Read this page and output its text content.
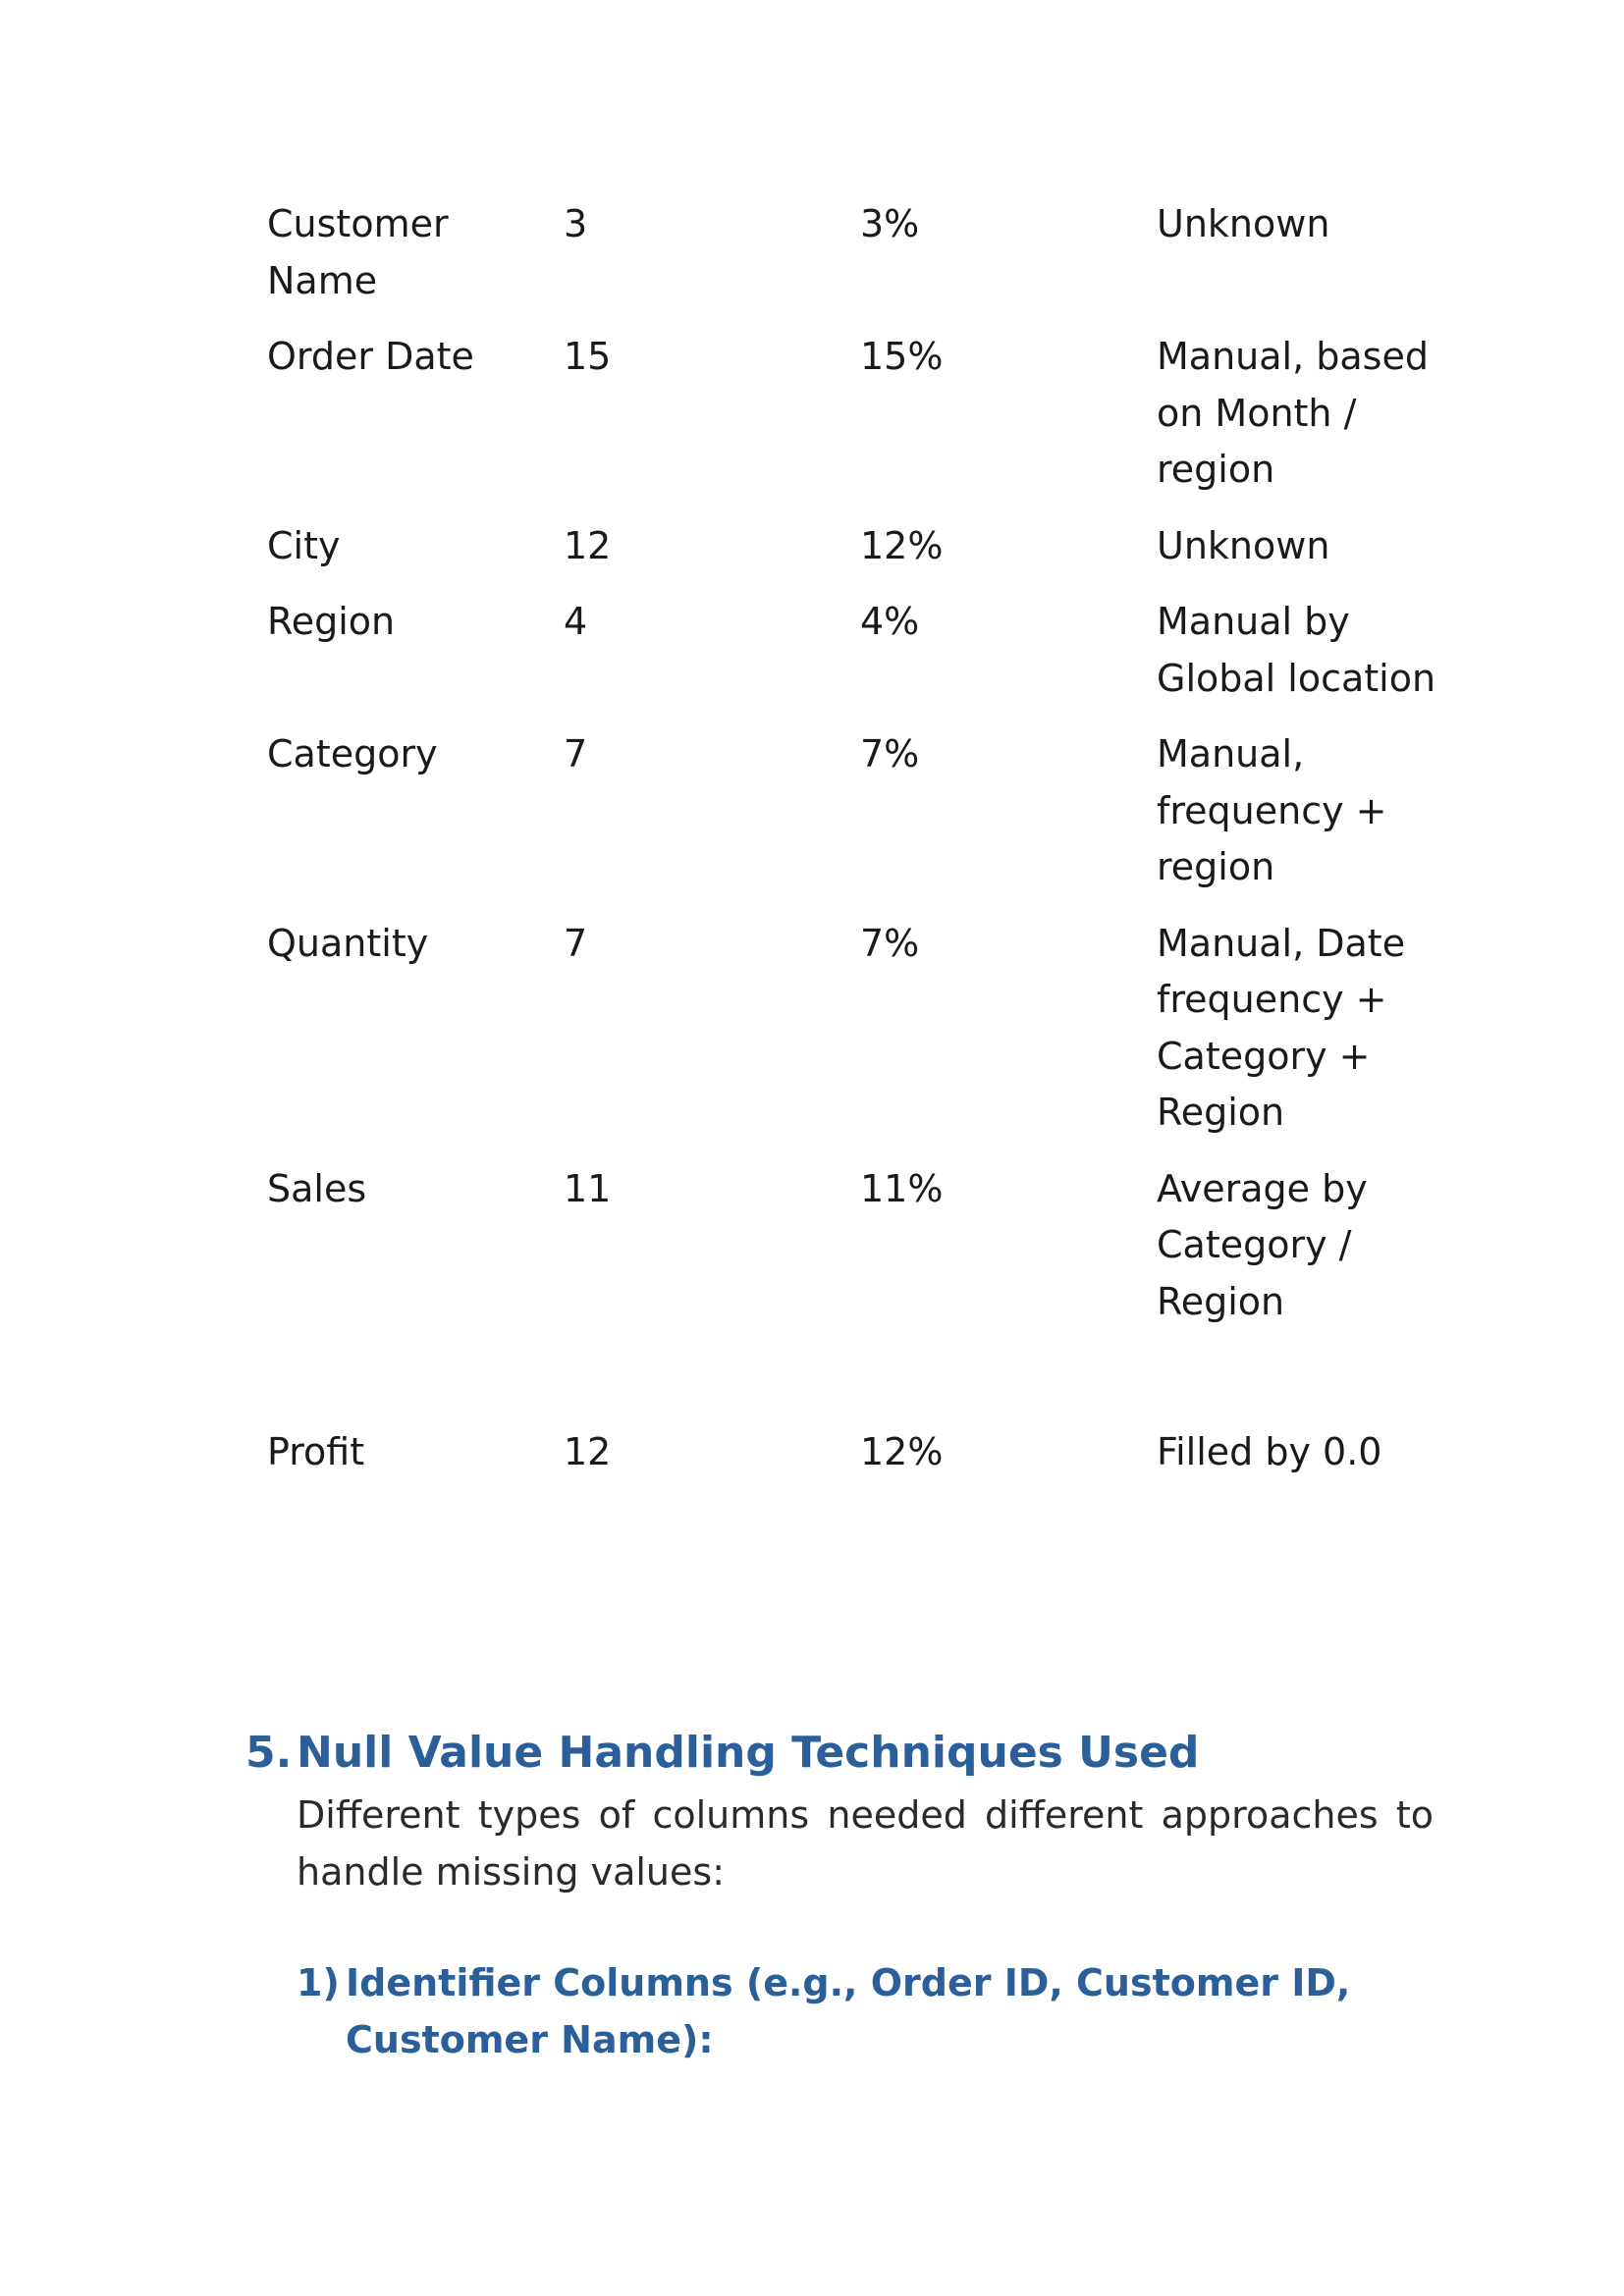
Customer Name	3	3%	Unknown
Order Date	15	15%	Manual, based on Month / region
City	12	12%	Unknown
Region	4	4%	Manual by Global location
Category	7	7%	Manual, frequency + region
Quantity	7	7%	Manual, Date frequency + Category + Region
Sales	11	11%	Average by Category / Region
Profit	12	12%	Filled by 0.0
5. Null Value Handling Techniques Used

Different types of columns needed different approaches to handle missing values:

1) Identifier Columns (e.g., Order ID, Customer ID, Customer Name):
